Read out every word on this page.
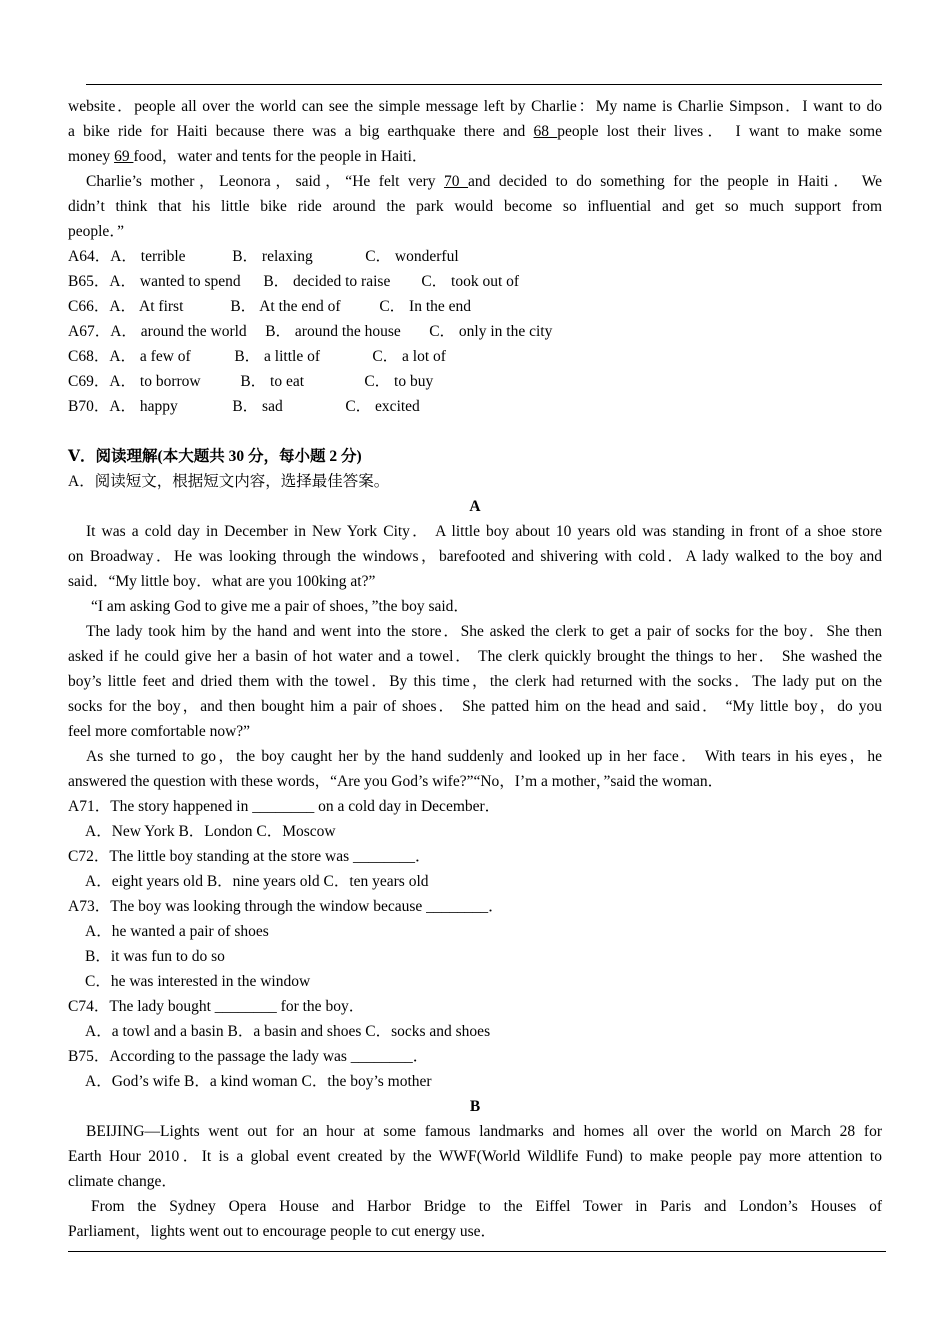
website．people all over the world can see the simple message left by Charlie：My name is Charlie Simpson．I want to do
a bike ride for Haiti because there was a big earthquake there and 68 people lost their lives． I want to make some
money 69 food，water and tents for the people in Haiti．
Charlie’s mother，Leonora，said，“He felt very 70 and decided to do something for the people in Haiti． We
didn’t think that his little bike ride around the park would become so influential and get so much support from
people．”
A64．A． terrible	B． relaxing	C． wonderful
B65．A． wanted to spend B． decided to raise C． took out of
C66．A． At first	B． At the end of	C． In the end
A67．A． around the world B． around the house C． only in the city
C68．A． a few of	B． a little of	C． a lot of
C69．A． to borrow	B． to eat	C． to buy
B70．A． happy	B． sad	C． excited
Ⅴ．阅读理解(本大题共 30 分，每小题 2 分)
A．阅读短文，根据短文内容，选择最佳答案。
A
It was a cold day in December in New York City． A little boy about 10 years old was standing in front of a shoe store
on Broadway．He was looking through the windows，barefooted and shivering with cold．A lady walked to the boy and
said．“My little boy．what are you 100king at?”
“I am asking God to give me a pair of shoes，”the boy said．
The lady took him by the hand and went into the store．She asked the clerk to get a pair of socks for the boy．She then
asked if he could give her a basin of hot water and a towel． The clerk quickly brought the things to her． She washed the
boy’s little feet and dried them with the towel．By this time，the clerk had returned with the socks．The lady put on the
socks for the boy，and then bought him a pair of shoes． She patted him on the head and said． “My little boy，do you
feel more comfortable now?”
As she turned to go，the boy caught her by the hand suddenly and looked up in her face． With tears in his eyes，he
answered the question with these words，“Are you God’s wife?”“No，I’m a mother，”said the woman．
A71．The story happened in ________ on a cold day in December．
A．New York B．London C．Moscow
C72．The little boy standing at the store was ________．
A．eight years old B．nine years old C．ten years old
A73．The boy was looking through the window because ________．
A．he wanted a pair of shoes
B．it was fun to do so
C．he was interested in the window
C74．The lady bought ________ for the boy．
A．a towl and a basin B．a basin and shoes C．socks and shoes
B75．According to the passage the lady was ________．
A．God’s wife B．a kind woman C．the boy’s mother
B
BEIJING—Lights went out for an hour at some famous landmarks and homes all over the world on March 28 for
Earth Hour 2010．It is a global event created by the WWF(World Wildlife Fund) to make people pay more attention to
climate change．
From the Sydney Opera House and Harbor Bridge to the Eiffel Tower in Paris and London’s Houses of
Parliament，lights went out to encourage people to cut energy use．
